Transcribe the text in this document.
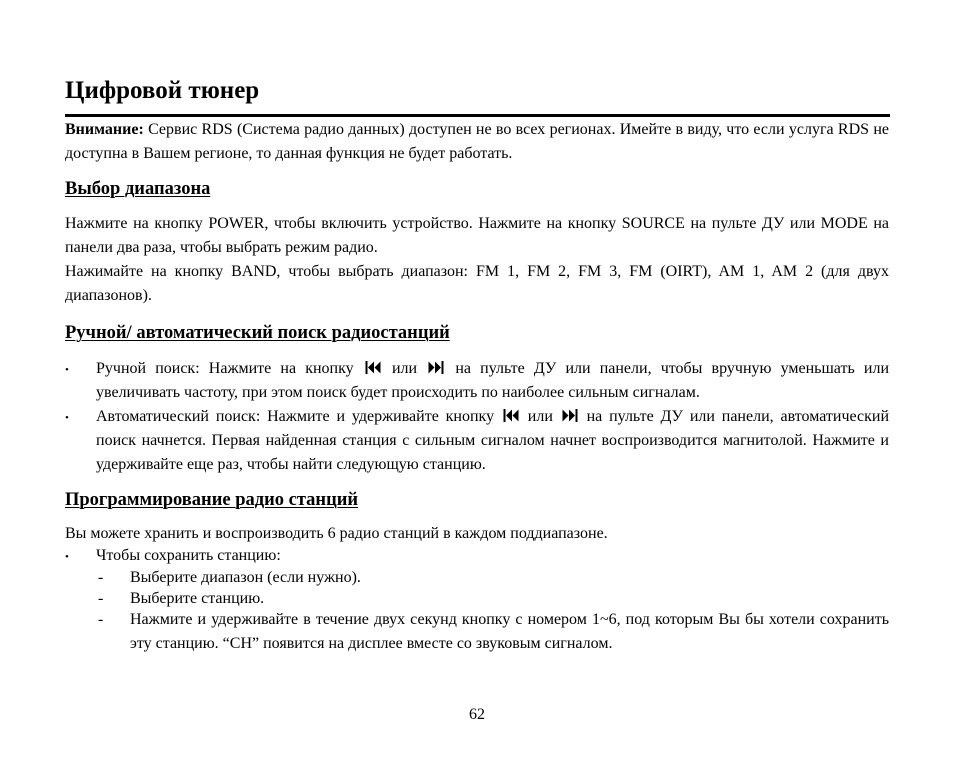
Цифровой тюнер

Внимание: Сервис RDS (Система радио данных) доступен не во всех регионах. Имейте в виду, что если услуга RDS не доступна в Вашем регионе, то данная функция не будет работать.

Выбор диапазона

Нажмите на кнопку POWER, чтобы включить устройство. Нажмите на кнопку SOURCE на пульте ДУ или MODE на панели два раза, чтобы выбрать режим радио.

Нажимайте на кнопку BAND, чтобы выбрать диапазон: FM 1, FM 2, FM 3, FM (OIRT), AM 1, AM 2 (для двух диапазонов).

Ручной/ автоматический поиск радиостанций
•	Ручной поиск: Нажмите на кнопку или на пульте ДУ или панели, чтобы вручную уменьшать или увеличивать частоту, при этом поиск будет происходить по наиболее сильным сигналам.
•	Автоматический поиск: Нажмите и удерживайте кнопку или на пульте ДУ или панели, автоматический поиск начнется. Первая найденная станция с сильным сигналом начнет воспроизводится магнитолой. Нажмите и удерживайте еще раз, чтобы найти следующую станцию.
Программирование радио станций

Вы можете хранить и воспроизводить 6 радио станций в каждом поддиапазоне.

•	Чтобы сохранить станцию:
- Выберите диапазон (если нужно).
- Выберите станцию.
- Нажмите и удерживайте в течение двух секунд кнопку с номером 1~6, под которым Вы бы хотели сохранить эту станцию. “CH” появится на дисплее вместе со звуковым сигналом.
62
